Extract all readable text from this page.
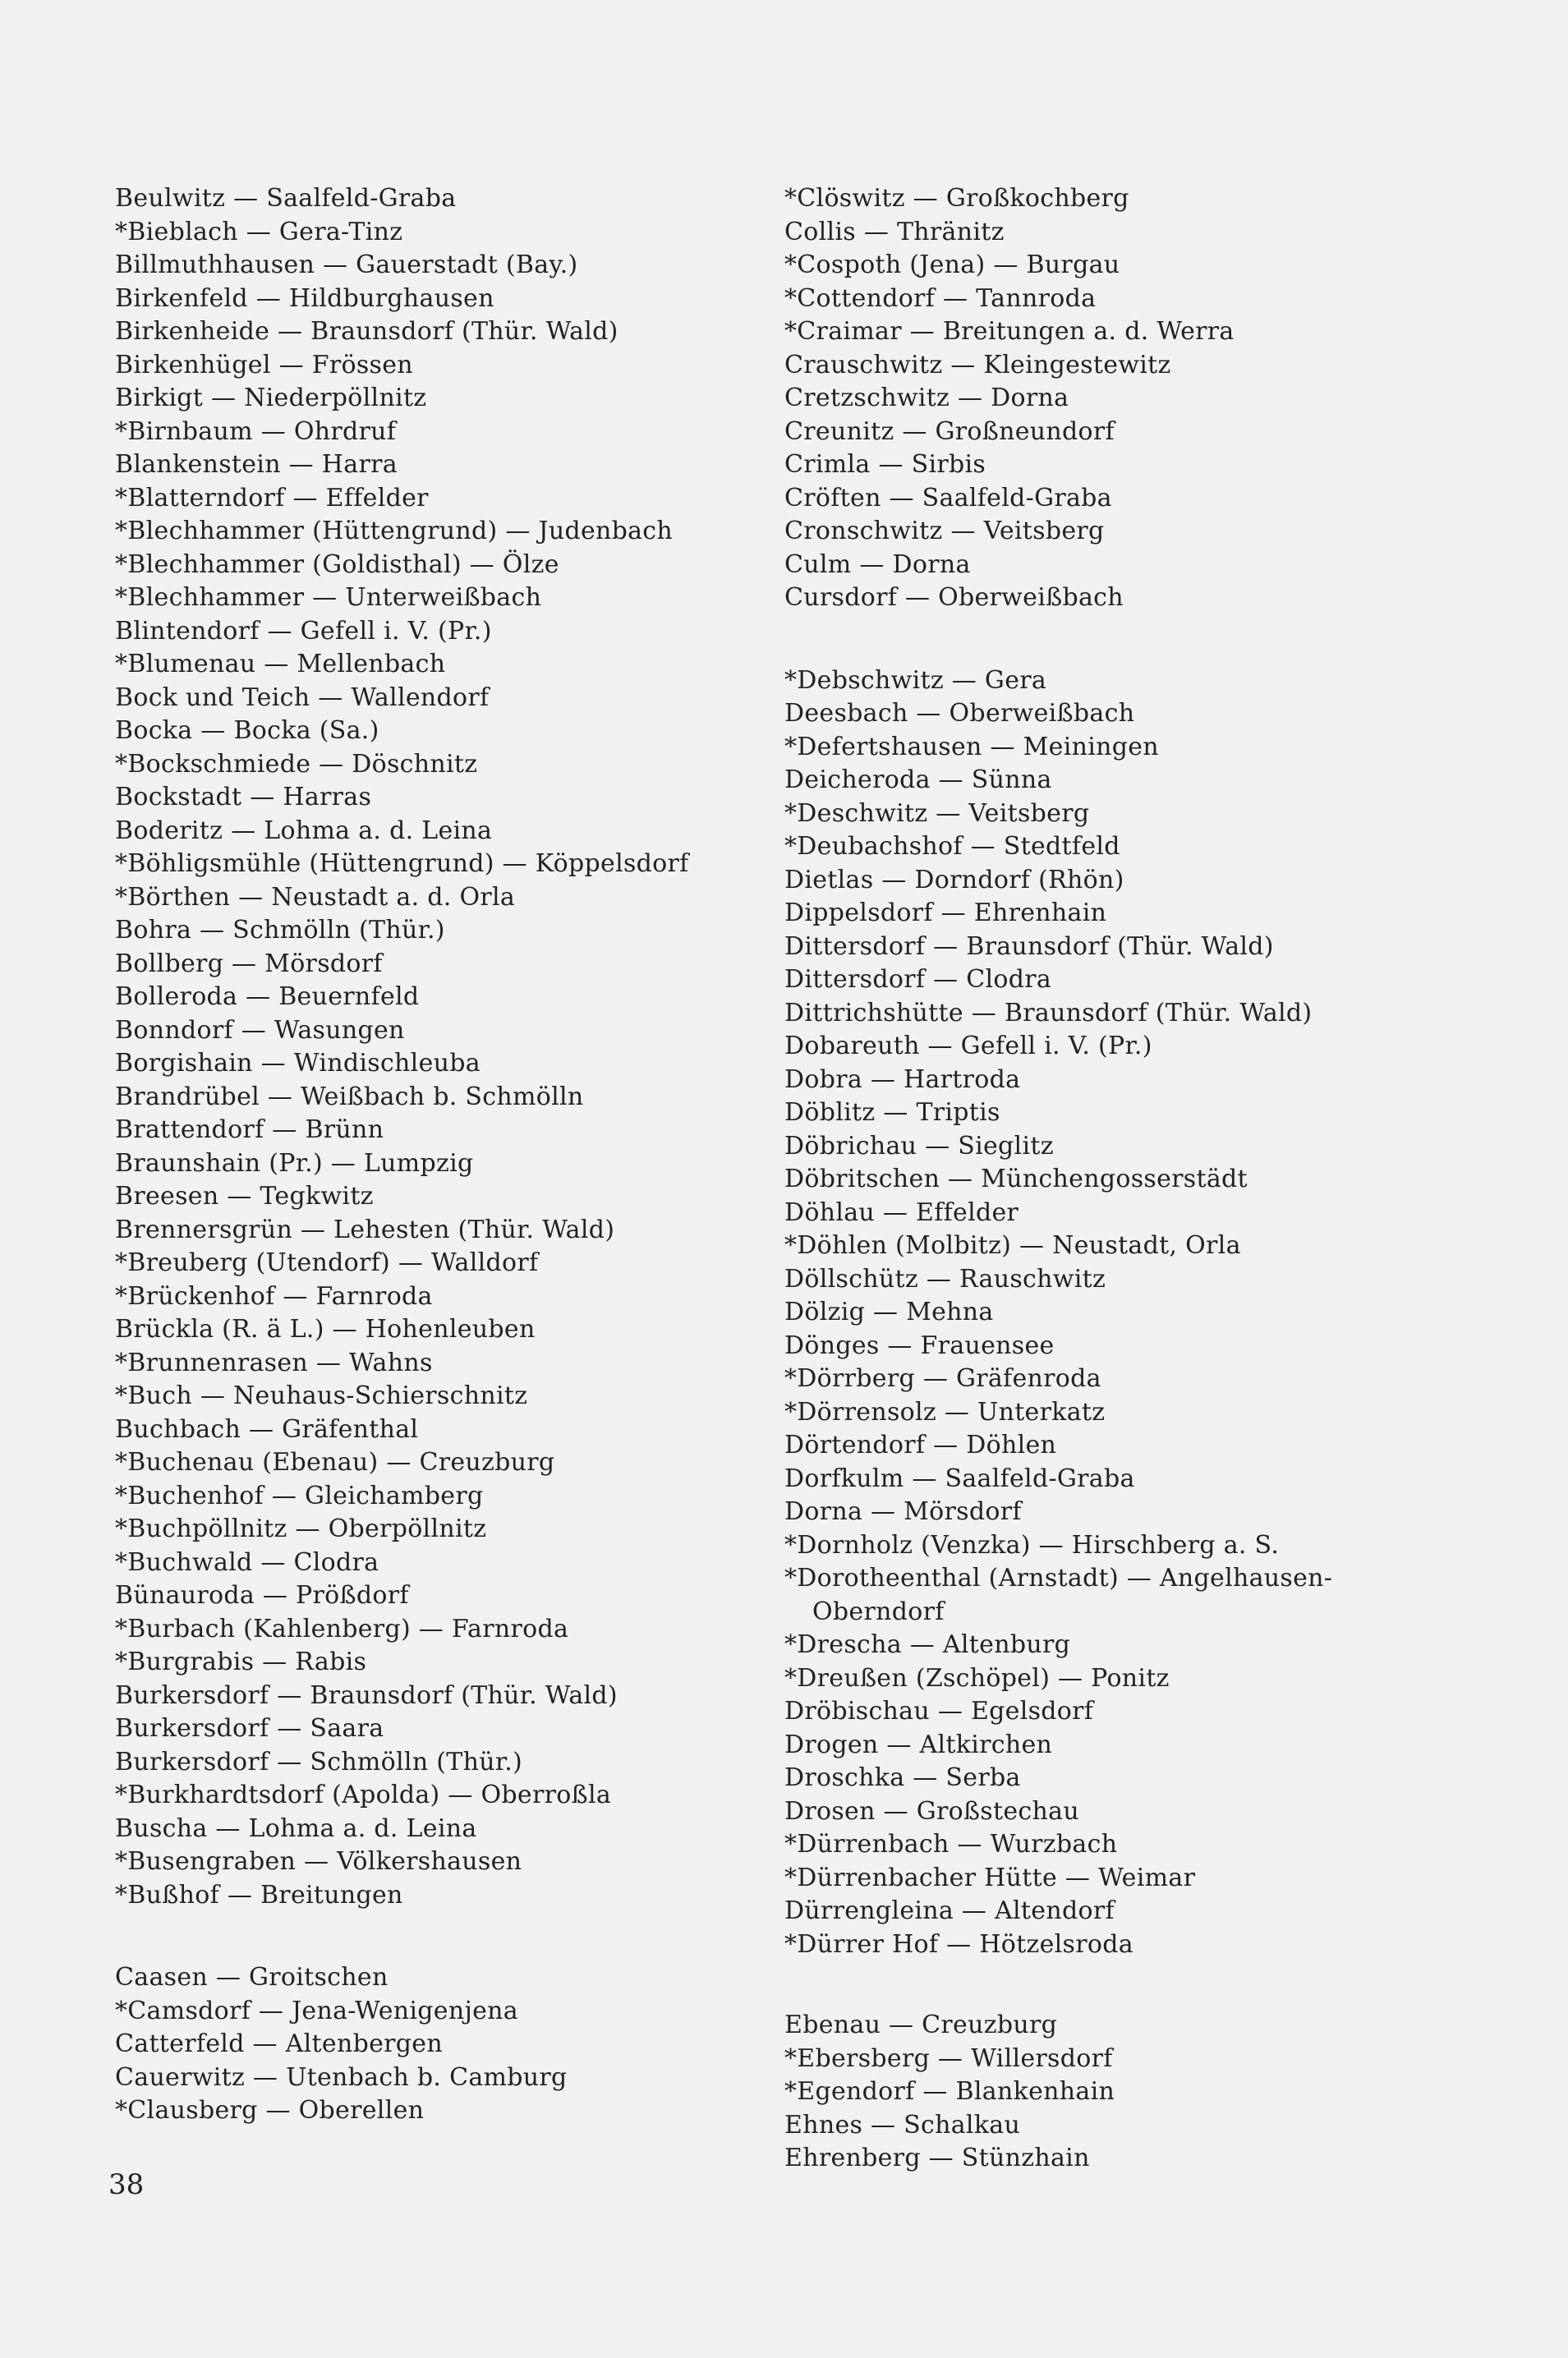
Beulwitz — Saalfeld-Graba
*Bieblach — Gera-Tinz
Billmuthhausen — Gauerstadt (Bay.)
Birkenfeld — Hildburghausen
Birkenheide — Braunsdorf (Thür. Wald)
Birkenhügel — Frössen
Birkigt — Niederpöllnitz
*Birnbaum — Ohrdruf
Blankenstein — Harra
*Blatterndorf — Effelder
*Blechhammer (Hüttengrund) — Judenbach
*Blechhammer (Goldisthal) — Ölze
*Blechhammer — Unterweißbach
Blintendorf — Gefell i. V. (Pr.)
*Blumenau — Mellenbach
Bock und Teich — Wallendorf
Bocka — Bocka (Sa.)
*Bockschmiede — Döschnitz
Bockstadt — Harras
Boderitz — Lohma a. d. Leina
*Böhligsmühle (Hüttengrund) — Köppelsdorf
*Börthen — Neustadt a. d. Orla
Bohra — Schmölln (Thür.)
Bollberg — Mörsdorf
Bolleroda — Beuernfeld
Bonndorf — Wasungen
Borgishain — Windischleuba
Brandrübel — Weißbach b. Schmölln
Brattendorf — Brünn
Braunshain (Pr.) — Lumpzig
Breesen — Tegkwitz
Brennersgrün — Lehesten (Thür. Wald)
*Breuberg (Utendorf) — Walldorf
*Brückenhof — Farnroda
Brückla (R. ä L.) — Hohenleuben
*Brunnenrasen — Wahns
*Buch — Neuhaus-Schierschnitz
Buchbach — Gräfenthal
*Buchenau (Ebenau) — Creuzburg
*Buchenhof — Gleichamberg
*Buchpöllnitz — Oberpöllnitz
*Buchwald — Clodra
Bünauroda — Prößdorf
*Burbach (Kahlenberg) — Farnroda
*Burgrabis — Rabis
Burkersdorf — Braunsdorf (Thür. Wald)
Burkersdorf — Saara
Burkersdorf — Schmölln (Thür.)
*Burkhardtsdorf (Apolda) — Oberroßla
Buscha — Lohma a. d. Leina
*Busengraben — Völkershausen
*Bußhof — Breitungen
Caasen — Groitschen
*Camsdorf — Jena-Wenigenjena
Catterfeld — Altenbergen
Cauerwitz — Utenbach b. Camburg
*Clausberg — Oberellen
*Clöswitz — Großkochberg
Collis — Thränitz
*Cospoth (Jena) — Burgau
*Cottendorf — Tannroda
*Craimar — Breitungen a. d. Werra
Crauschwitz — Kleingestewitz
Cretzschwitz — Dorna
Creunitz — Großneundorf
Crimla — Sirbis
Cröften — Saalfeld-Graba
Cronschwitz — Veitsberg
Culm — Dorna
Cursdorf — Oberweißbach
*Debschwitz — Gera
Deesbach — Oberweißbach
*Defertshausen — Meiningen
Deicheroda — Sünna
*Deschwitz — Veitsberg
*Deubachshof — Stedtfeld
Dietlas — Dorndorf (Rhön)
Dippelsdorf — Ehrenhain
Dittersdorf — Braunsdorf (Thür. Wald)
Dittersdorf — Clodra
Dittrichshütte — Braunsdorf (Thür. Wald)
Dobareuth — Gefell i. V. (Pr.)
Dobra — Hartroda
Döblitz — Triptis
Döbrichau — Sieglitz
Döbritschen — Münchengosserstädt
Döhlau — Effelder
*Döhlen (Molbitz) — Neustadt, Orla
Döllschütz — Rauschwitz
Dölzig — Mehna
Dönges — Frauensee
*Dörrberg — Gräfenroda
*Dörrensolz — Unterkatz
Dörtendorf — Döhlen
Dorfkulm — Saalfeld-Graba
Dorna — Mörsdorf
*Dornholz (Venzka) — Hirschberg a. S.
*Dorotheenthal (Arnstadt) — Angelhausen-
Oberndorf
*Drescha — Altenburg
*Dreußen (Zschöpel) — Ponitz
Dröbischau — Egelsdorf
Drogen — Altkirchen
Droschka — Serba
Drosen — Großstechau
*Dürrenbach — Wurzbach
*Dürrenbacher Hütte — Weimar
Dürrengleina — Altendorf
*Dürrer Hof — Hötzelsroda
Ebenau — Creuzburg
*Ebersberg — Willersdorf
*Egendorf — Blankenhain
Ehnes — Schalkau
Ehrenberg — Stünzhain
38
